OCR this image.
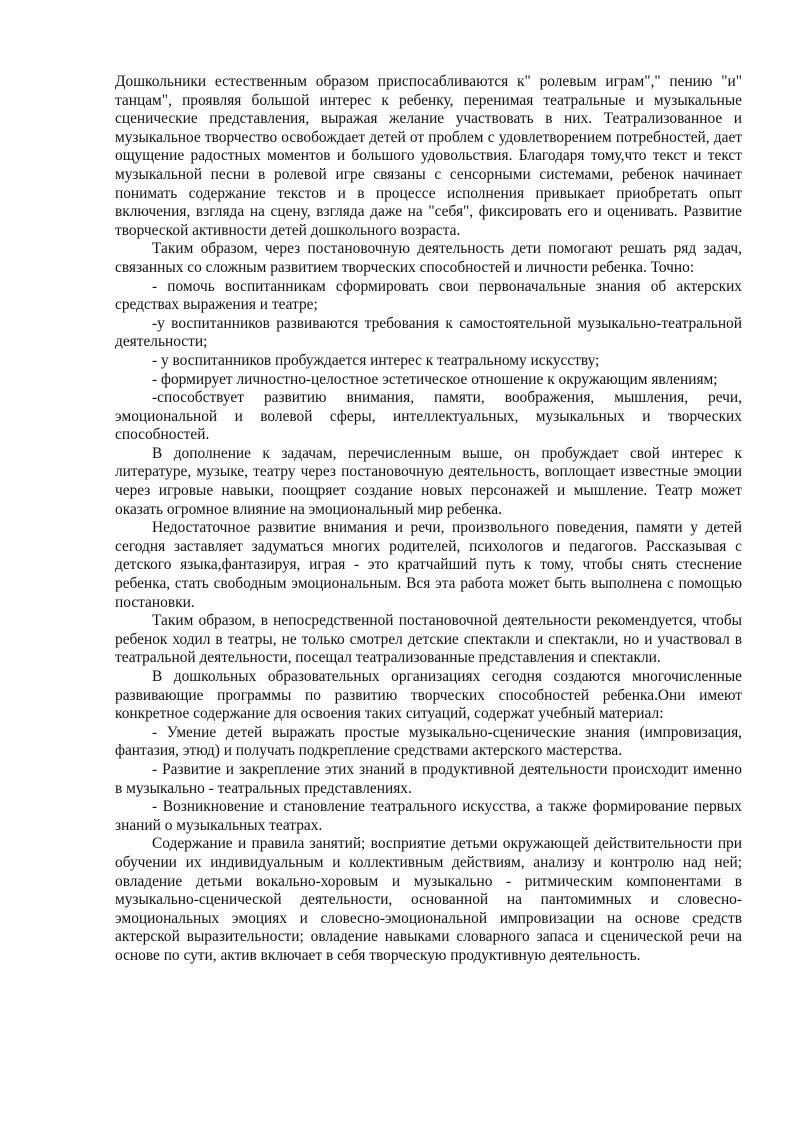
Дошкольники естественным образом приспосабливаются к" ролевым играм"," пению "и" танцам", проявляя большой интерес к ребенку, перенимая театральные и музыкальные сценические представления, выражая желание участвовать в них. Театрализованное и музыкальное творчество освобождает детей от проблем с удовлетворением потребностей, дает ощущение радостных моментов и большого удовольствия. Благодаря тому,что текст и текст музыкальной песни в ролевой игре связаны с сенсорными системами, ребенок начинает понимать содержание текстов и в процессе исполнения привыкает приобретать опыт включения, взгляда на сцену, взгляда даже на "себя", фиксировать его и оценивать. Развитие творческой активности детей дошкольного возраста.

Таким образом, через постановочную деятельность дети помогают решать ряд задач, связанных со сложным развитием творческих способностей и личности ребенка. Точно:

- помочь воспитанникам сформировать свои первоначальные знания об актерских средствах выражения и театре;

-у воспитанников развиваются требования к самостоятельной музыкально-театральной деятельности;

- у воспитанников пробуждается интерес к театральному искусству;

- формирует личностно-целостное эстетическое отношение к окружающим явлениям;

-способствует развитию внимания, памяти, воображения, мышления, речи, эмоциональной и волевой сферы, интеллектуальных, музыкальных и творческих способностей.

В дополнение к задачам, перечисленным выше, он пробуждает свой интерес к литературе, музыке, театру через постановочную деятельность, воплощает известные эмоции через игровые навыки, поощряет создание новых персонажей и мышление. Театр может оказать огромное влияние на эмоциональный мир ребенка.

Недостаточное развитие внимания и речи, произвольного поведения, памяти у детей сегодня заставляет задуматься многих родителей, психологов и педагогов. Рассказывая с детского языка,фантазируя, играя - это кратчайший путь к тому, чтобы снять стеснение ребенка, стать свободным эмоциональным. Вся эта работа может быть выполнена с помощью постановки.

Таким образом, в непосредственной постановочной деятельности рекомендуется, чтобы ребенок ходил в театры, не только смотрел детские спектакли и спектакли, но и участвовал в театральной деятельности, посещал театрализованные представления и спектакли.

В дошкольных образовательных организациях сегодня создаются многочисленные развивающие программы по развитию творческих способностей ребенка.Они имеют конкретное содержание для освоения таких ситуаций, содержат учебный материал:

- Умение детей выражать простые музыкально-сценические знания (импровизация, фантазия, этюд) и получать подкрепление средствами актерского мастерства.

- Развитие и закрепление этих знаний в продуктивной деятельности происходит именно в музыкально - театральных представлениях.

- Возникновение и становление театрального искусства, а также формирование первых знаний о музыкальных театрах.

Содержание и правила занятий; восприятие детьми окружающей действительности при обучении их индивидуальным и коллективным действиям, анализу и контролю над ней; овладение детьми вокально-хоровым и музыкально - ритмическим компонентами в музыкально-сценической деятельности, основанной на пантомимных и словесно-эмоциональных эмоциях и словесно-эмоциональной импровизации на основе средств актерской выразительности; овладение навыками словарного запаса и сценической речи на основе по сути, актив включает в себя творческую продуктивную деятельность.
